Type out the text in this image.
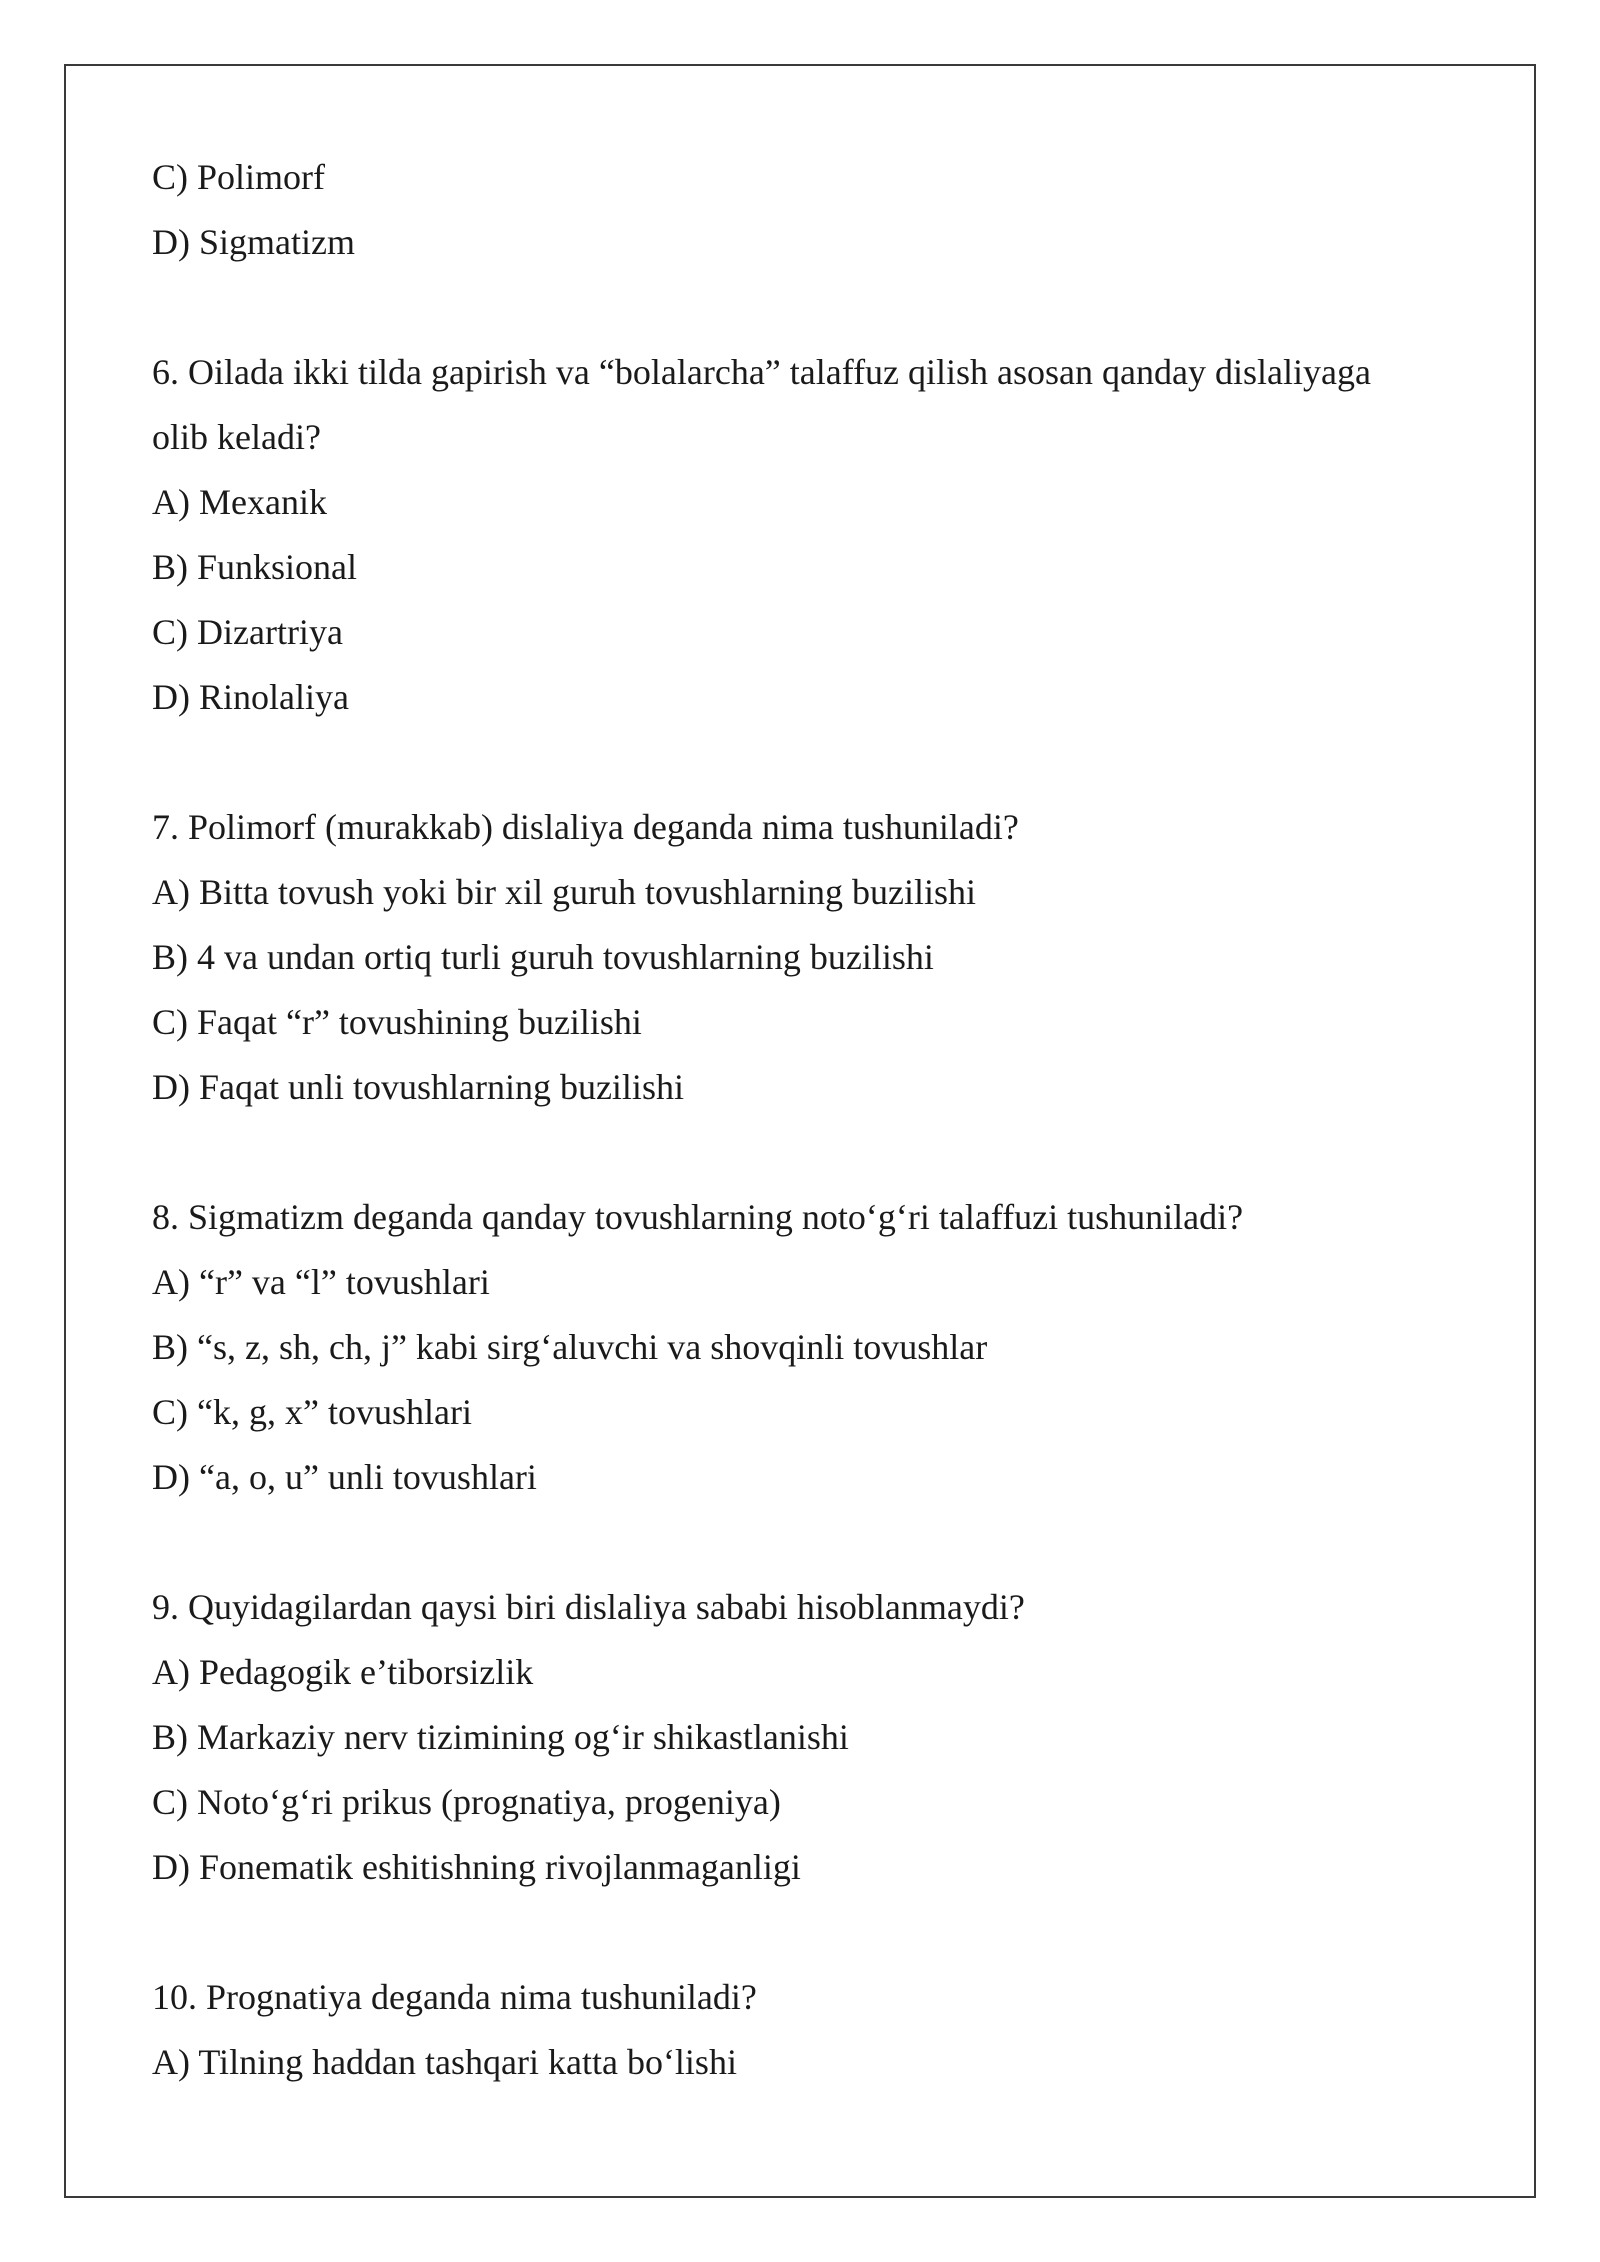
C) Polimorf
D) Sigmatizm
6. Oilada ikki tilda gapirish va “bolalarcha” talaffuz qilish asosan qanday dislaliyaga
olib keladi?
A) Mexanik
B) Funksional
C) Dizartriya
D) Rinolaliya
7. Polimorf (murakkab) dislaliya deganda nima tushuniladi?
A) Bitta tovush yoki bir xil guruh tovushlarning buzilishi
B) 4 va undan ortiq turli guruh tovushlarning buzilishi
C) Faqat “r” tovushining buzilishi
D) Faqat unli tovushlarning buzilishi
8. Sigmatizm deganda qanday tovushlarning noto‘g‘ri talaffuzi tushuniladi?
A) “r” va “l” tovushlari
B) “s, z, sh, ch, j” kabi sirg‘aluvchi va shovqinli tovushlar
C) “k, g, x” tovushlari
D) “a, o, u” unli tovushlari
9. Quyidagilardan qaysi biri dislaliya sababi hisoblanmaydi?
A) Pedagogik e’tiborsizlik
B) Markaziy nerv tizimining og‘ir shikastlanishi
C) Noto‘g‘ri prikus (prognatiya, progeniya)
D) Fonematik eshitishning rivojlanmaganligi
10. Prognatiya deganda nima tushuniladi?
A) Tilning haddan tashqari katta bo‘lishi
